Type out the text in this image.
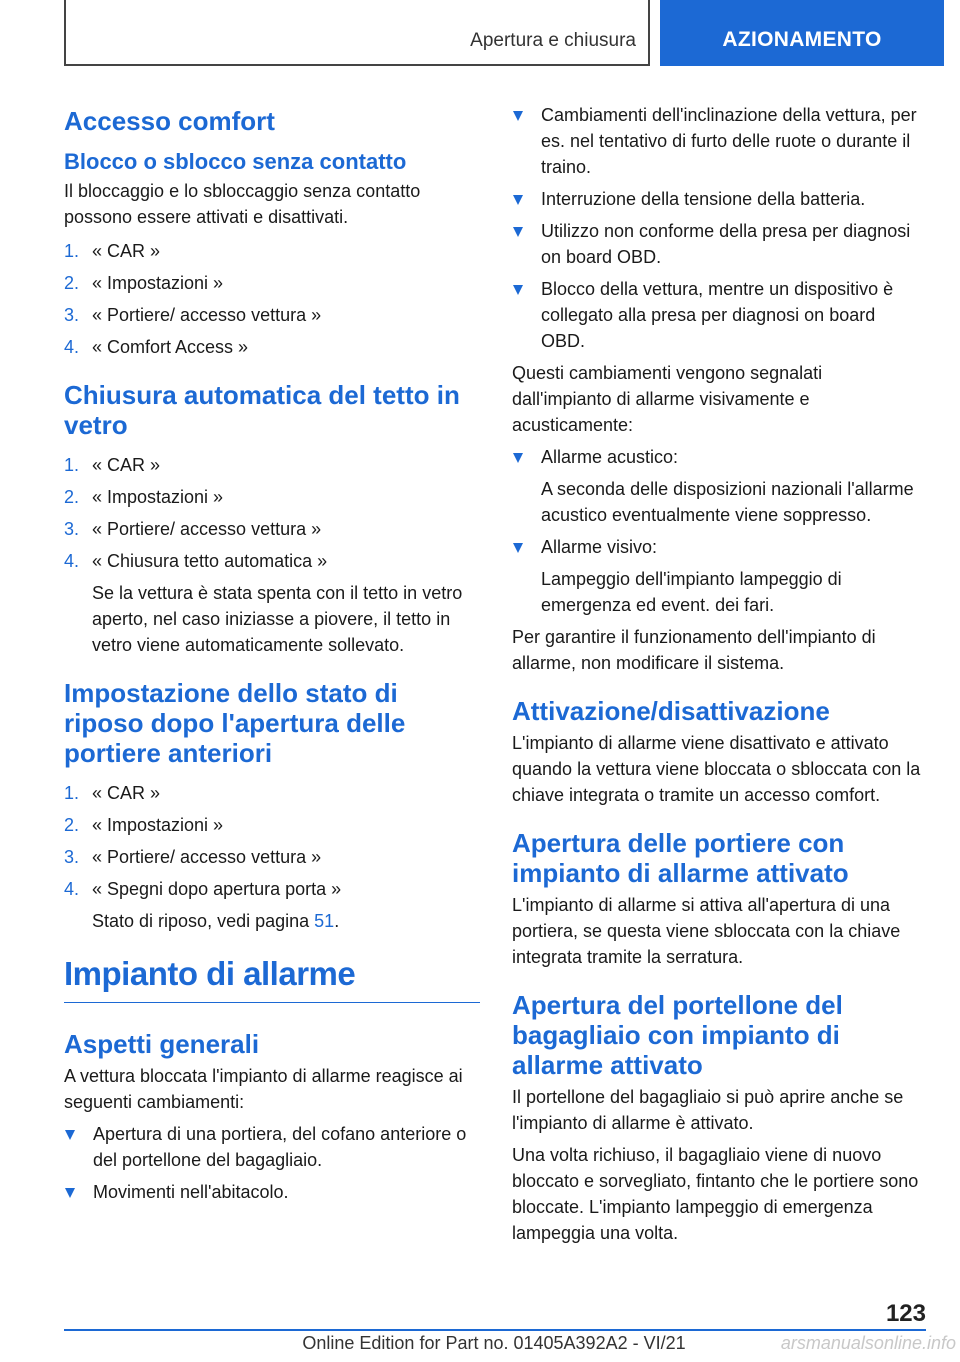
Apertura e chiusura	AZIONAMENTO
Accesso comfort
Blocco o sblocco senza contatto

Il bloccaggio e lo sbloccaggio senza contatto possono essere attivati e disattivati.

1. « CAR »
2. « Impostazioni »
3. « Portiere/ accesso vettura »
4. « Comfort Access »
Chiusura automatica del tetto in vetro
1. « CAR »
2. « Impostazioni »
3. « Portiere/ accesso vettura »
4. « Chiusura tetto automatica »

Se la vettura è stata spenta con il tetto in vetro aperto, nel caso iniziasse a piovere, il tetto in vetro viene automaticamente sollevato.

Impostazione dello stato di riposo dopo l'apertura delle portiere anteriori
1. « CAR »
2. « Impostazioni »
3. « Portiere/ accesso vettura »
4. « Spegni dopo apertura porta »

Stato di riposo, vedi pagina 51.

Impianto di allarme
Aspetti generali

A vettura bloccata l'impianto di allarme reagisce ai seguenti cambiamenti:

Apertura di una portiera, del cofano anteriore o del portellone del bagagliaio.
Movimenti nell'abitacolo.
Cambiamenti dell'inclinazione della vettura, per es. nel tentativo di furto delle ruote o durante il traino.
Interruzione della tensione della batteria.
Utilizzo non conforme della presa per diagnosi on board OBD.
Blocco della vettura, mentre un dispositivo è collegato alla presa per diagnosi on board OBD.

Questi cambiamenti vengono segnalati dall'impianto di allarme visivamente e acusticamente:

Allarme acustico:

A seconda delle disposizioni nazionali l'allarme acustico eventualmente viene soppresso.

Allarme visivo:

Lampeggio dell'impianto lampeggio di emergenza ed event. dei fari.

Per garantire il funzionamento dell'impianto di allarme, non modificare il sistema.

Attivazione/disattivazione

L'impianto di allarme viene disattivato e attivato quando la vettura viene bloccata o sbloccata con la chiave integrata o tramite un accesso comfort.

Apertura delle portiere con impianto di allarme attivato

L'impianto di allarme si attiva all'apertura di una portiera, se questa viene sbloccata con la chiave integrata tramite la serratura.

Apertura del portellone del bagagliaio con impianto di allarme attivato

Il portellone del bagagliaio si può aprire anche se l'impianto di allarme è attivato.

Una volta richiuso, il bagagliaio viene di nuovo bloccato e sorvegliato, fintanto che le portiere sono bloccate. L'impianto lampeggio di emergenza lampeggia una volta.

123
Online Edition for Part no. 01405A392A2 - VI/21	arsmanualsonline.info
